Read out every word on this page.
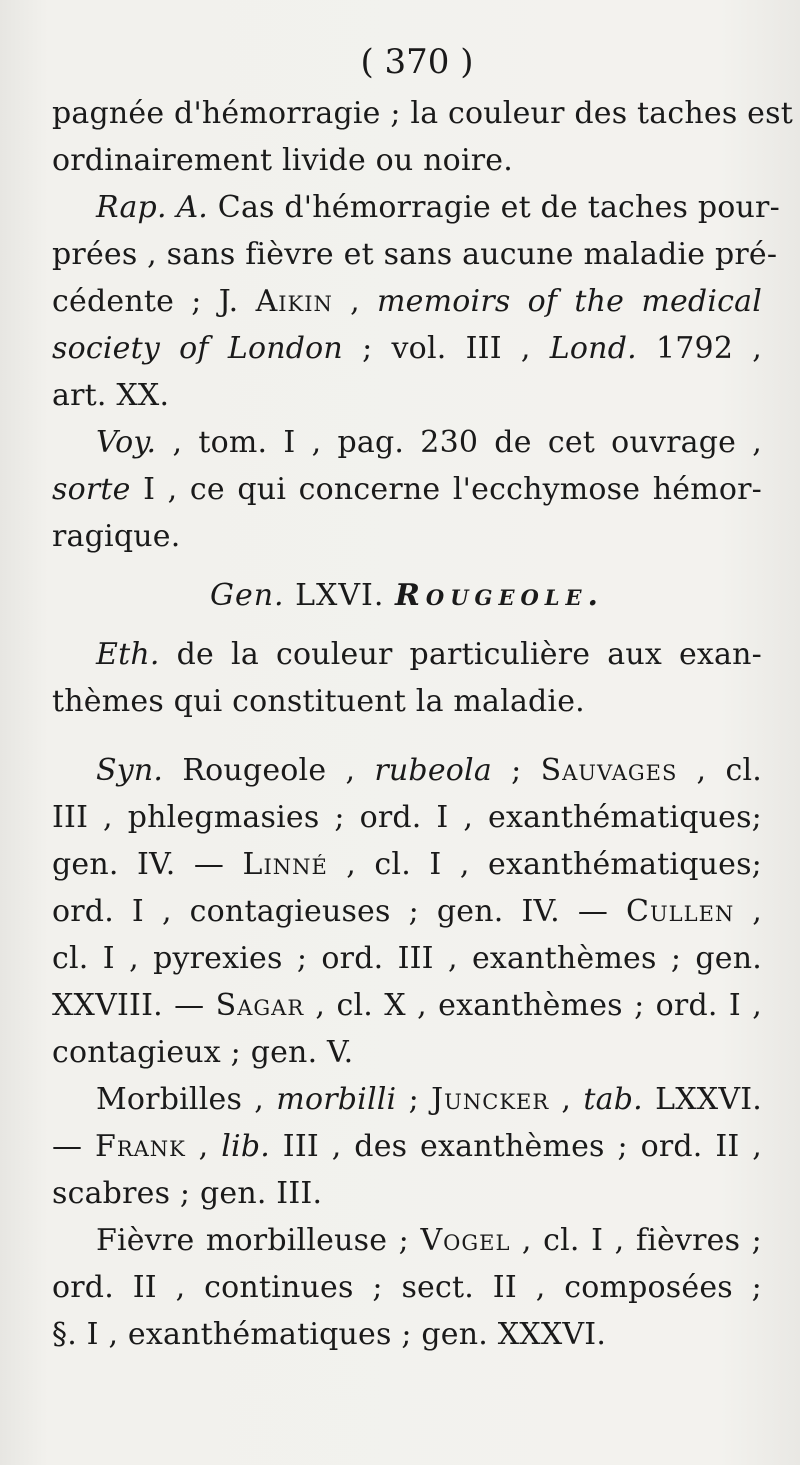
( 370 )
pagnée d'hémorragie ; la couleur des taches est
ordinairement livide ou noire.
Rap. A. Cas d'hémorragie et de taches pour-
prées , sans fièvre et sans aucune maladie pré-
cédente ; J. Aikin , memoirs of the medical
society of London ; vol. III , Lond. 1792 ,
art. XX.
Voy. , tom. I , pag. 230 de cet ouvrage ,
sorte I , ce qui concerne l'ecchymose hémor-
ragique.
Gen. LXVI. Rougeole.
Eth. de la couleur particulière aux exan-
thèmes qui constituent la maladie.
Syn. Rougeole , rubeola ; Sauvages , cl.
III , phlegmasies ; ord. I , exanthématiques;
gen. IV. — Linné , cl. I , exanthématiques;
ord. I , contagieuses ; gen. IV. — Cullen ,
cl. I , pyrexies ; ord. III , exanthèmes ; gen.
XXVIII. — Sagar , cl. X , exanthèmes ; ord. I ,
contagieux ; gen. V.
Morbilles , morbilli ; Juncker , tab. LXXVI.
— Frank , lib. III , des exanthèmes ; ord. II ,
scabres ; gen. III.
Fièvre morbilleuse ; Vogel , cl. I , fièvres ;
ord. II , continues ; sect. II , composées ;
§. I , exanthématiques ; gen. XXXVI.
